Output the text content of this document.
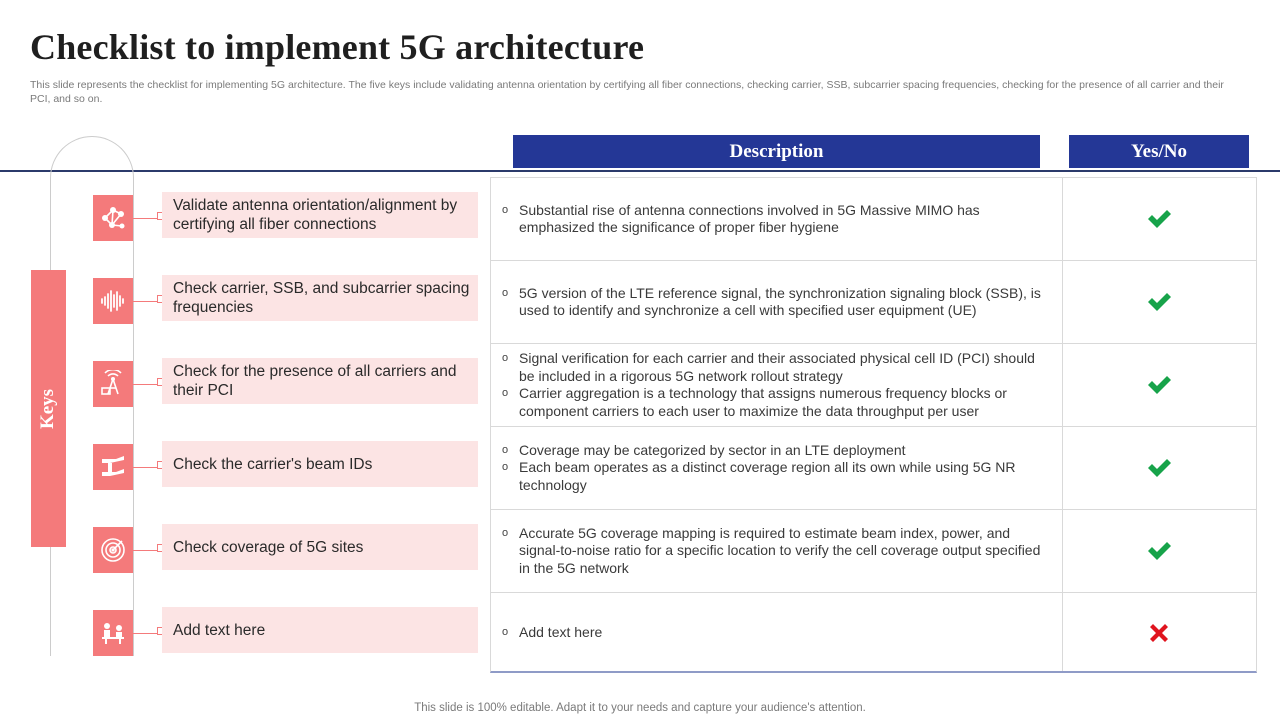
Checklist to implement 5G architecture
This slide represents the checklist for implementing 5G architecture. The five keys include validating antenna orientation by certifying all fiber connections, checking carrier, SSB, subcarrier spacing frequencies, checking for the presence of all carrier and their PCI, and so on.
Description	Yes/No
Keys
Validate antenna orientation/alignment by certifying all fiber connections
Check carrier, SSB, and subcarrier spacing frequencies
Check for the presence of all carriers and their PCI
Check the carrier's beam IDs
Check coverage of 5G sites
Add text here
o Substantial rise of antenna connections involved in 5G Massive MIMO has emphasized the significance of proper fiber hygiene
o 5G version of the LTE reference signal, the synchronization signaling block (SSB), is used to identify and synchronize a cell with specified user equipment (UE)
o Signal verification for each carrier and their associated physical cell ID (PCI) should be included in a rigorous 5G network rollout strategy
o Carrier aggregation is a technology that assigns numerous frequency blocks or component carriers to each user to maximize the data throughput per user
o Coverage may be categorized by sector in an LTE deployment
o Each beam operates as a distinct coverage region all its own while using 5G NR technology
o Accurate 5G coverage mapping is required to estimate beam index, power, and signal-to-noise ratio for a specific location to verify the cell coverage output specified in the 5G network
o Add text here
This slide is 100% editable. Adapt it to your needs and capture your audience's attention.
